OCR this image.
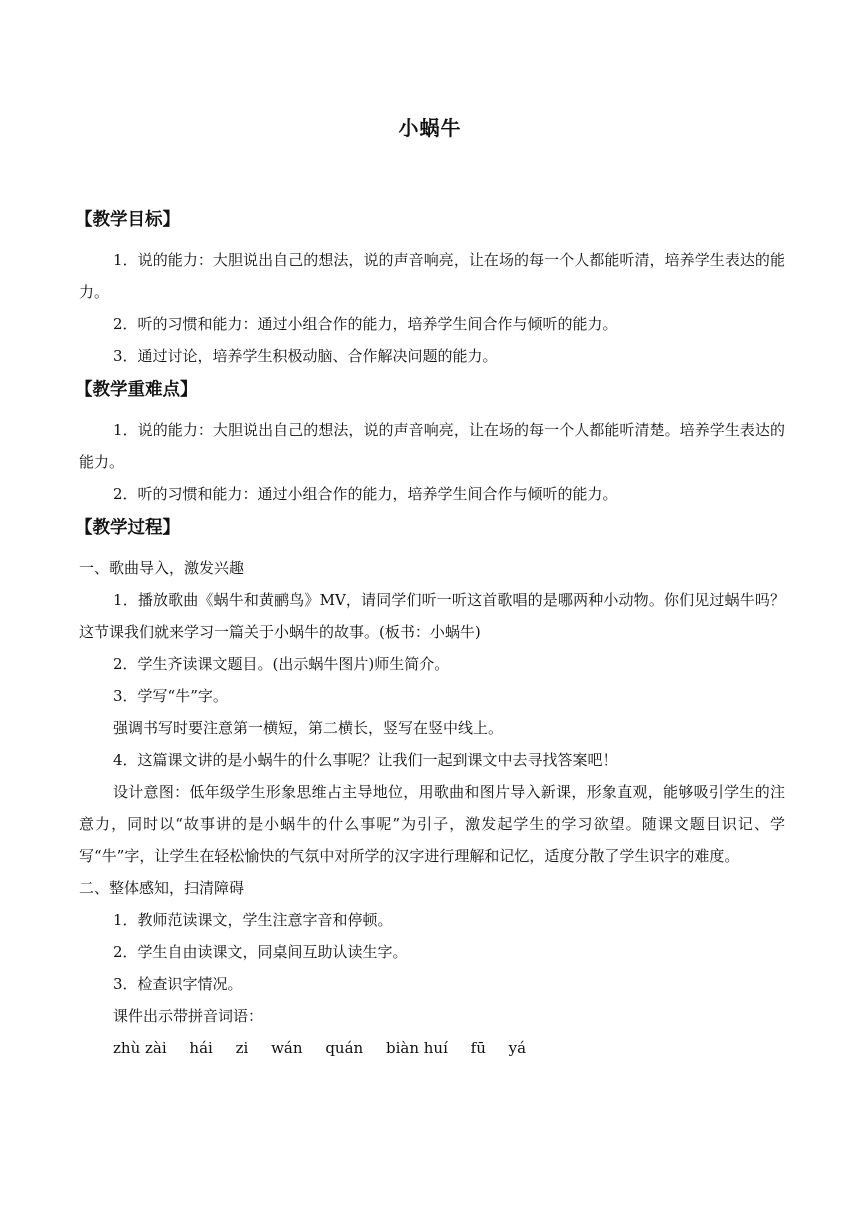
小蜗牛
【教学目标】

1．说的能力：大胆说出自己的想法，说的声音响亮，让在场的每一个人都能听清，培养学生表达的能力。

2．听的习惯和能力：通过小组合作的能力，培养学生间合作与倾听的能力。

3．通过讨论，培养学生积极动脑、合作解决问题的能力。

【教学重难点】

1．说的能力：大胆说出自己的想法，说的声音响亮，让在场的每一个人都能听清楚。培养学生表达的能力。

2．听的习惯和能力：通过小组合作的能力，培养学生间合作与倾听的能力。

【教学过程】

一、歌曲导入，激发兴趣

1．播放歌曲《蜗牛和黄鹂鸟》MV，请同学们听一听这首歌唱的是哪两种小动物。你们见过蜗牛吗？这节课我们就来学习一篇关于小蜗牛的故事。(板书：小蜗牛)

2．学生齐读课文题目。(出示蜗牛图片)师生简介。

3．学写“牛”字。

强调书写时要注意第一横短，第二横长，竖写在竖中线上。

4．这篇课文讲的是小蜗牛的什么事呢？让我们一起到课文中去寻找答案吧！

设计意图：低年级学生形象思维占主导地位，用歌曲和图片导入新课，形象直观，能够吸引学生的注意力，同时以“故事讲的是小蜗牛的什么事呢”为引子，激发起学生的学习欲望。随课文题目识记、学写“牛”字，让学生在轻松愉快的气氛中对所学的汉字进行理解和记忆，适度分散了学生识字的难度。

二、整体感知，扫清障碍

1．教师范读课文，学生注意字音和停顿。

2．学生自由读课文，同桌间互助认读生字。

3．检查识字情况。

课件出示带拼音词语：

zhù zài hái zi wán quán biàn huí fū yá
